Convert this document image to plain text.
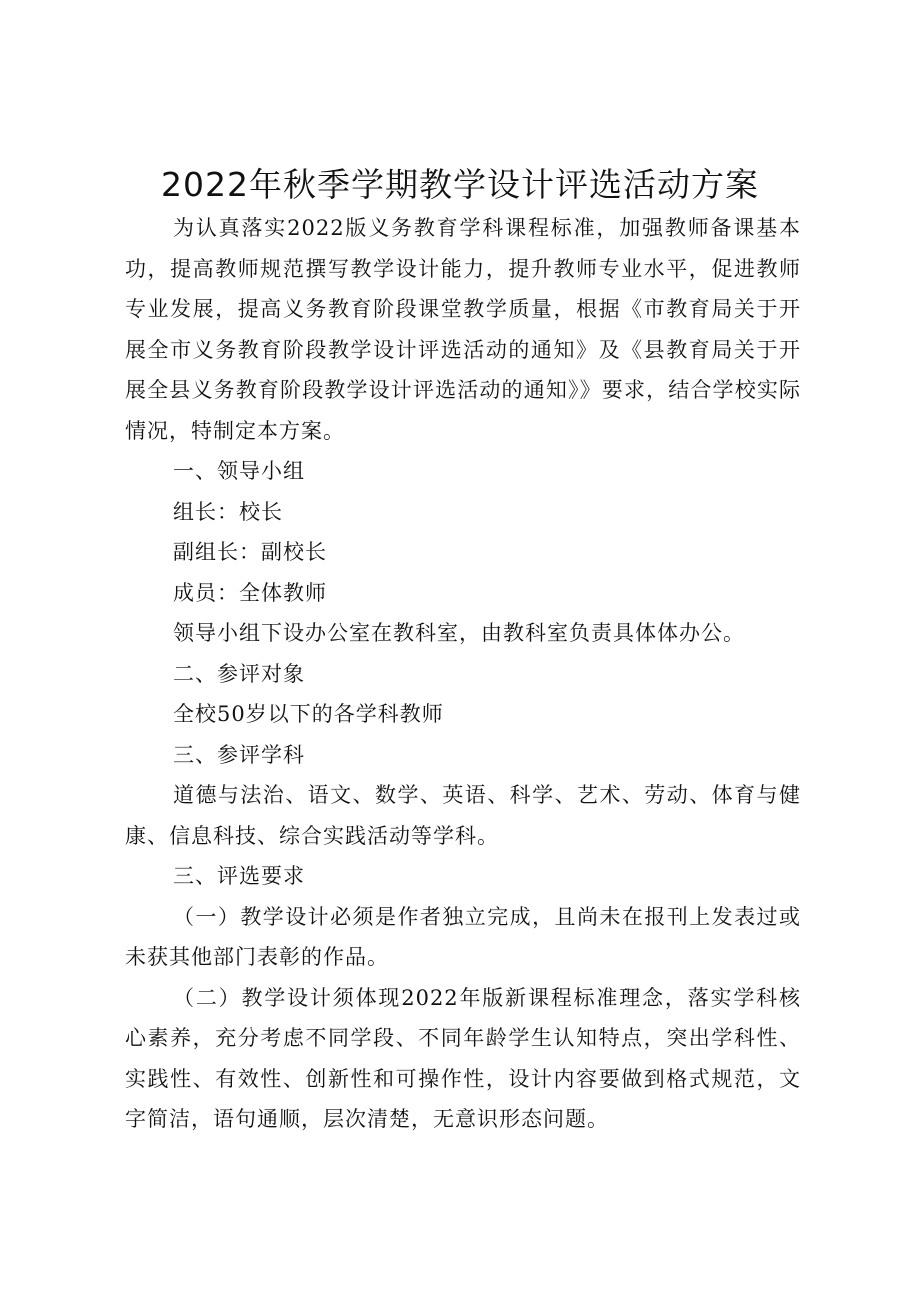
2022年秋季学期教学设计评选活动方案

为认真落实2022版义务教育学科课程标准，加强教师备课基本功，提高教师规范撰写教学设计能力，提升教师专业水平，促进教师专业发展，提高义务教育阶段课堂教学质量，根据《市教育局关于开展全市义务教育阶段教学设计评选活动的通知》及《县教育局关于开展全县义务教育阶段教学设计评选活动的通知》》要求，结合学校实际情况，特制定本方案。

一、领导小组

组长：校长

副组长：副校长

成员：全体教师

领导小组下设办公室在教科室，由教科室负责具体体办公。

二、参评对象

全校50岁以下的各学科教师

三、参评学科

道德与法治、语文、数学、英语、科学、艺术、劳动、体育与健康、信息科技、综合实践活动等学科。

三、评选要求

（一）教学设计必须是作者独立完成，且尚未在报刊上发表过或未获其他部门表彰的作品。

（二）教学设计须体现2022年版新课程标准理念，落实学科核心素养，充分考虑不同学段、不同年龄学生认知特点，突出学科性、实践性、有效性、创新性和可操作性，设计内容要做到格式规范，文字简洁，语句通顺，层次清楚，无意识形态问题。
